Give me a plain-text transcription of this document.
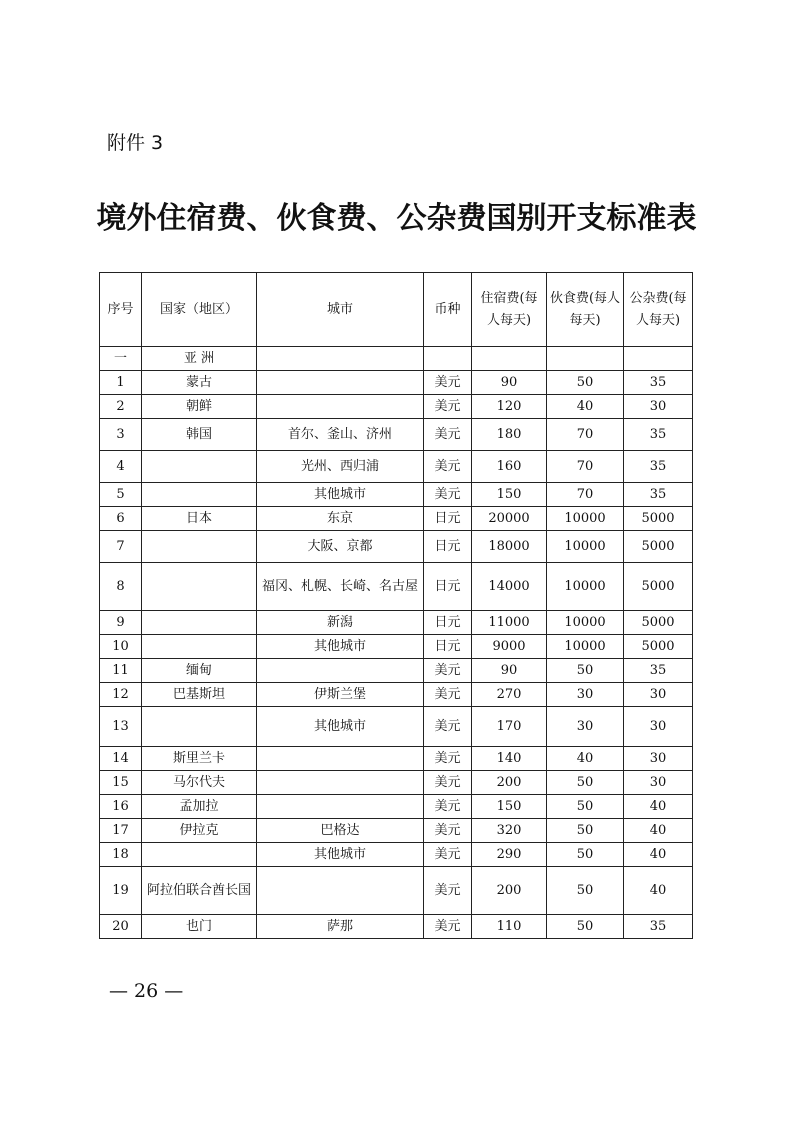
附件 3
境外住宿费、伙食费、公杂费国别开支标准表
序号	国家（地区）	城市	币种	住宿费(每人每天)	伙食费(每人每天)	公杂费(每人每天)
一	亚 洲					
1	蒙古		美元	90	50	35
2	朝鲜		美元	120	40	30
3	韩国	首尔、釜山、济州	美元	180	70	35
4		光州、西归浦	美元	160	70	35
5		其他城市	美元	150	70	35
6	日本	东京	日元	20000	10000	5000
7		大阪、京都	日元	18000	10000	5000
8		福冈、札幌、长崎、名古屋	日元	14000	10000	5000
9		新潟	日元	11000	10000	5000
10		其他城市	日元	9000	10000	5000
11	缅甸		美元	90	50	35
12	巴基斯坦	伊斯兰堡	美元	270	30	30
13		其他城市	美元	170	30	30
14	斯里兰卡		美元	140	40	30
15	马尔代夫		美元	200	50	30
16	孟加拉		美元	150	50	40
17	伊拉克	巴格达	美元	320	50	40
18		其他城市	美元	290	50	40
19	阿拉伯联合酋长国		美元	200	50	40
20	也门	萨那	美元	110	50	35
— 26 —
